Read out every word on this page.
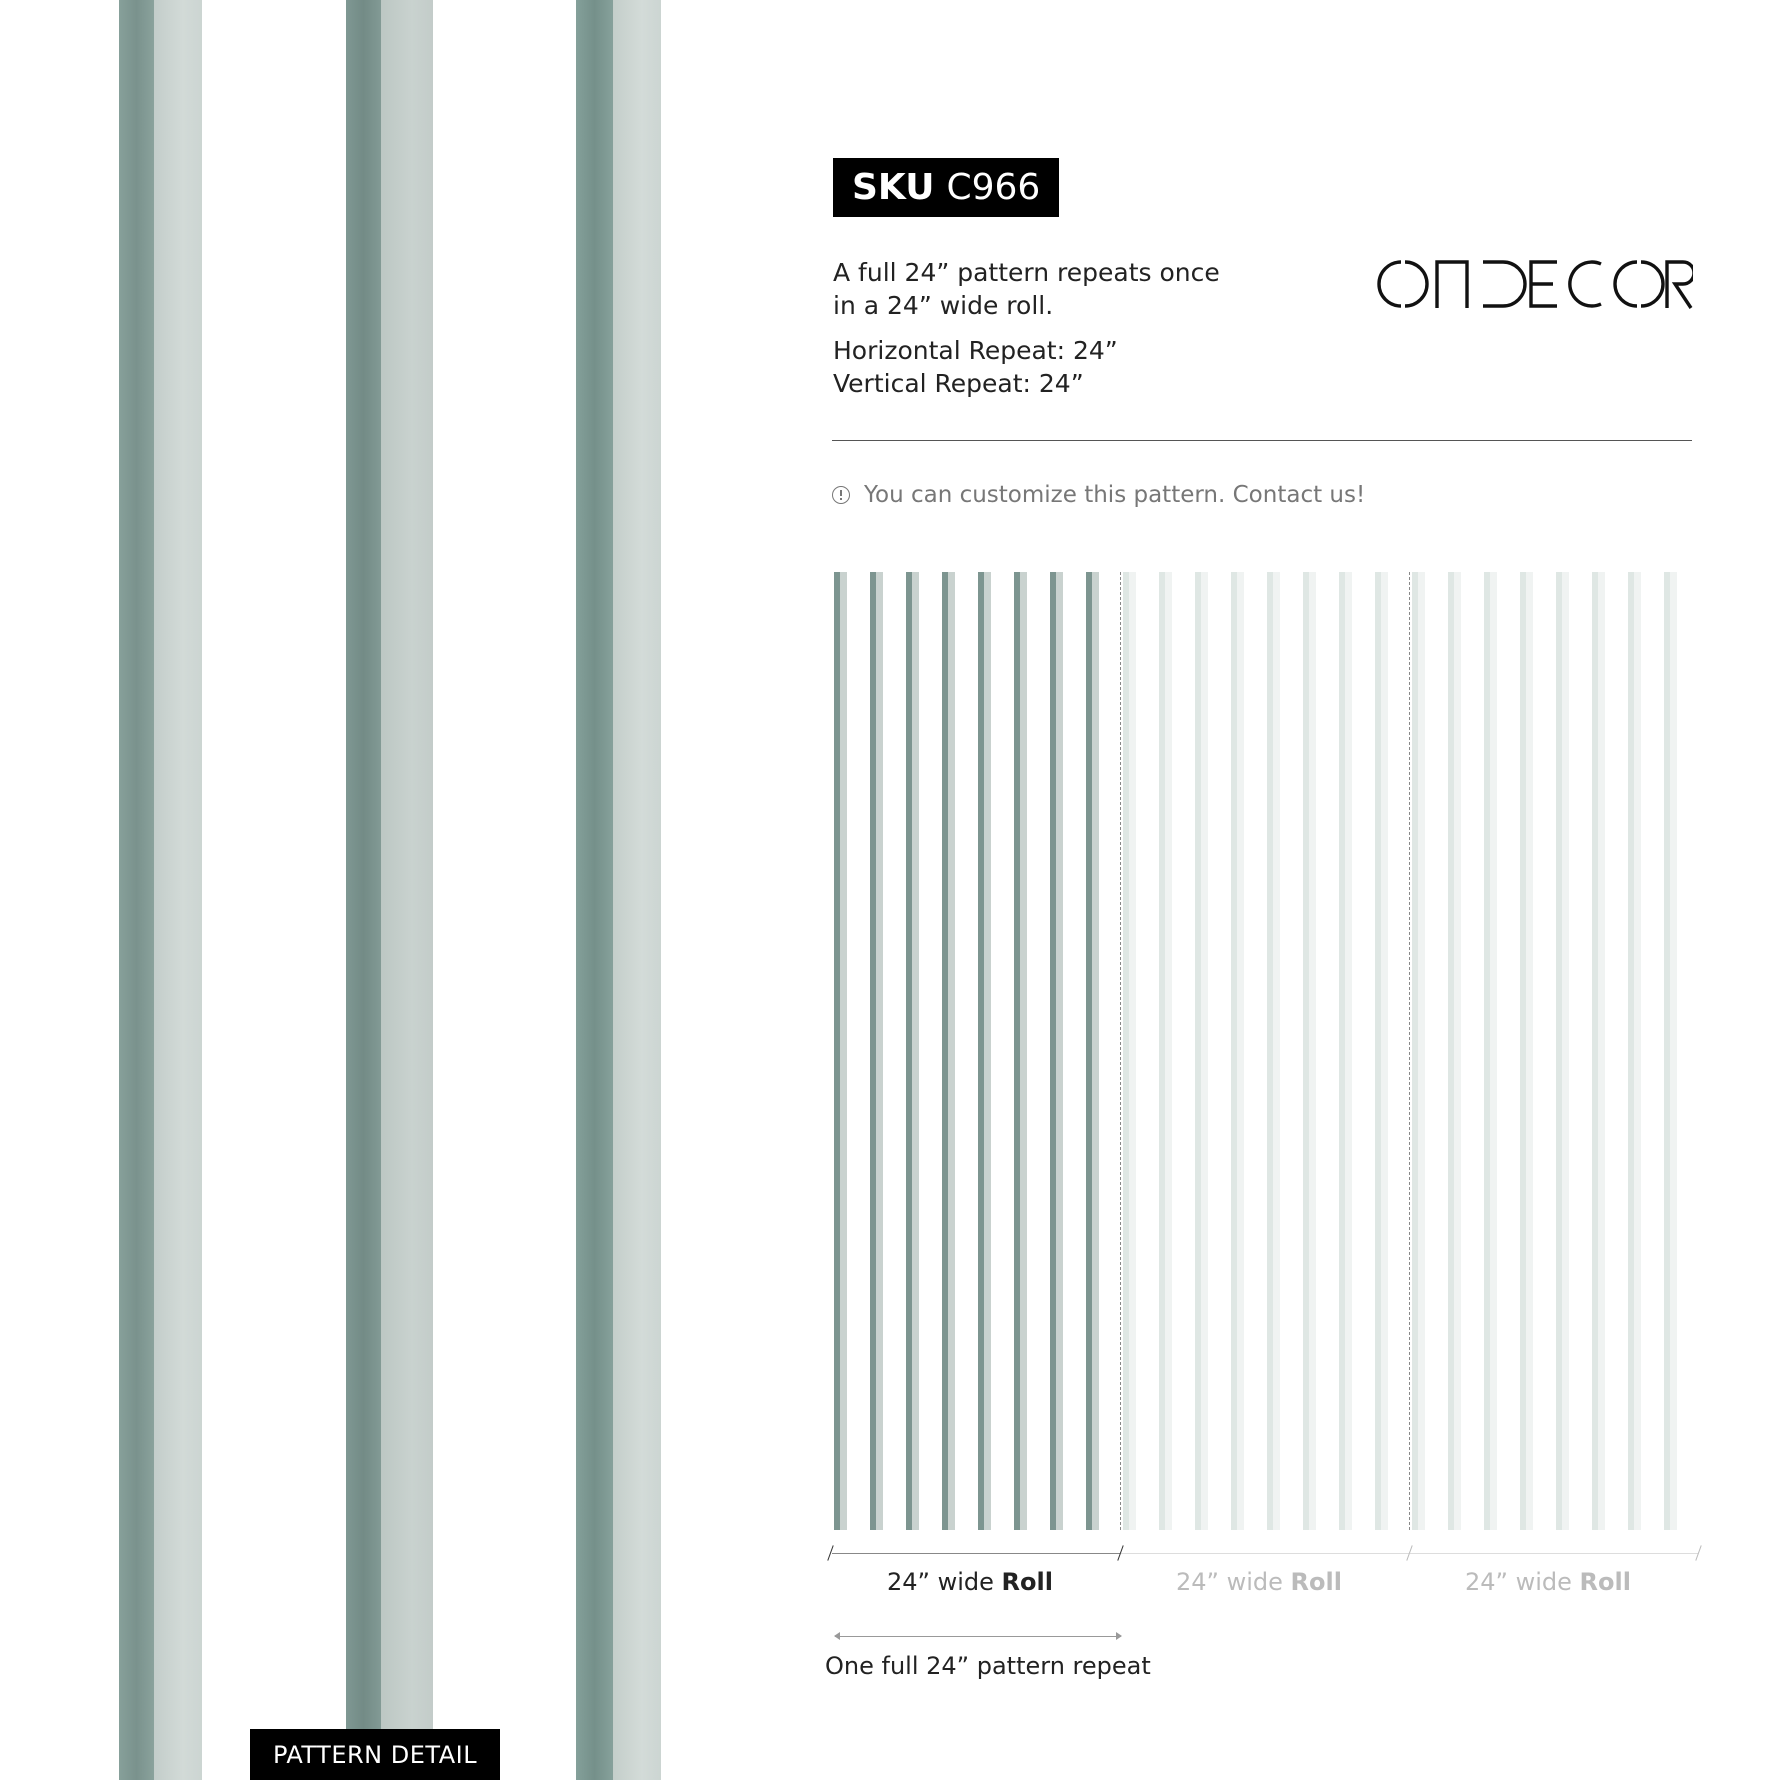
PATTERN DETAIL
SKU C966
A full 24” pattern repeats once
in a 24” wide roll.
Horizontal Repeat: 24”
Vertical Repeat: 24”
You can customize this pattern. Contact us!
24” wide Roll	24” wide Roll	24” wide Roll
One full 24” pattern repeat
